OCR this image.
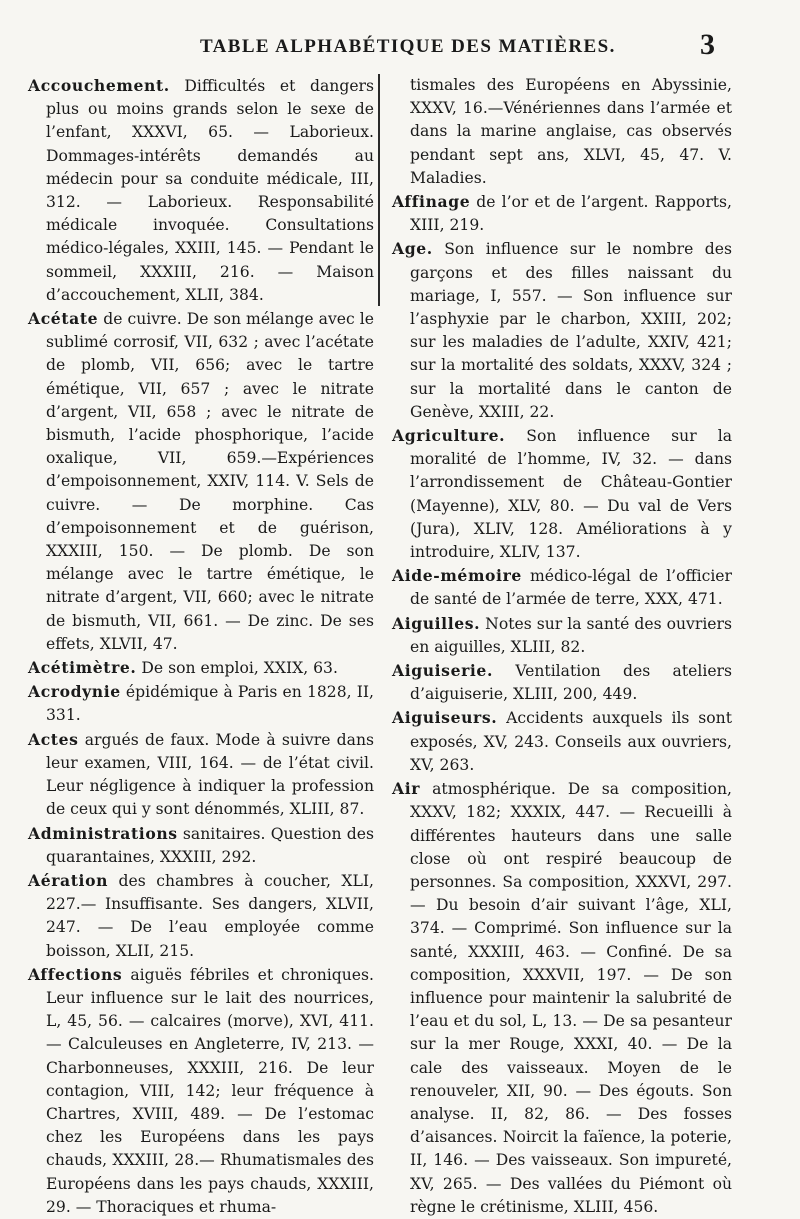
TABLE ALPHABÉTIQUE DES MATIÈRES.	3

Accouchement. Difficultés et dangers plus ou moins grands selon le sexe de l’enfant, XXXVI, 65. — Laborieux. Dommages-intérêts demandés au médecin pour sa conduite médicale, III, 312. — Laborieux. Responsabilité médicale invoquée. Consultations médico-légales, XXIII, 145. — Pendant le sommeil, XXXIII, 216. — Maison d’accouchement, XLII, 384.

Acétate de cuivre. De son mélange avec le sublimé corrosif, VII, 632 ; avec l’acétate de plomb, VII, 656; avec le tartre émétique, VII, 657 ; avec le nitrate d’argent, VII, 658 ; avec le nitrate de bismuth, l’acide phosphorique, l’acide oxalique, VII, 659.—Expériences d’empoisonnement, XXIV, 114. V. Sels de cuivre. — De morphine. Cas d’empoisonnement et de guérison, XXXIII, 150. — De plomb. De son mélange avec le tartre émétique, le nitrate d’argent, VII, 660; avec le nitrate de bismuth, VII, 661. — De zinc. De ses effets, XLVII, 47.

Acétimètre. De son emploi, XXIX, 63.

Acrodynie épidémique à Paris en 1828, II, 331.

Actes argués de faux. Mode à suivre dans leur examen, VIII, 164. — de l’état civil. Leur négligence à indiquer la profession de ceux qui y sont dénommés, XLIII, 87.

Administrations sanitaires. Question des quarantaines, XXXIII, 292.

Aération des chambres à coucher, XLI, 227.— Insuffisante. Ses dangers, XLVII, 247. — De l’eau employée comme boisson, XLII, 215.

Affections aiguës fébriles et chroniques. Leur influence sur le lait des nourrices, L, 45, 56. — calcaires (morve), XVI, 411. — Calculeuses en Angleterre, IV, 213. — Charbonneuses, XXXIII, 216. De leur contagion, VIII, 142; leur fréquence à Chartres, XVIII, 489. — De l’estomac chez les Européens dans les pays chauds, XXXIII, 28.— Rhumatismales des Européens dans les pays chauds, XXXIII, 29. — Thoraciques et rhuma-

tismales des Européens en Abyssinie, XXXV, 16.—Vénériennes dans l’armée et dans la marine anglaise, cas observés pendant sept ans, XLVI, 45, 47. V. Maladies.

Affinage de l’or et de l’argent. Rapports, XIII, 219.

Age. Son influence sur le nombre des garçons et des filles naissant du mariage, I, 557. — Son influence sur l’asphyxie par le charbon, XXIII, 202; sur les maladies de l’adulte, XXIV, 421; sur la mortalité des soldats, XXXV, 324 ; sur la mortalité dans le canton de Genève, XXIII, 22.

Agriculture. Son influence sur la moralité de l’homme, IV, 32. — dans l’arrondissement de Château-Gontier (Mayenne), XLV, 80. — Du val de Vers (Jura), XLIV, 128. Améliorations à y introduire, XLIV, 137.

Aide-mémoire médico-légal de l’officier de santé de l’armée de terre, XXX, 471.

Aiguilles. Notes sur la santé des ouvriers en aiguilles, XLIII, 82.

Aiguiserie. Ventilation des ateliers d’aiguiserie, XLIII, 200, 449.

Aiguiseurs. Accidents auxquels ils sont exposés, XV, 243. Conseils aux ouvriers, XV, 263.

Air atmosphérique. De sa composition, XXXV, 182; XXXIX, 447. — Recueilli à différentes hauteurs dans une salle close où ont respiré beaucoup de personnes. Sa composition, XXXVI, 297. — Du besoin d’air suivant l’âge, XLI, 374. — Comprimé. Son influence sur la santé, XXXIII, 463. — Confiné. De sa composition, XXXVII, 197. — De son influence pour maintenir la salubrité de l’eau et du sol, L, 13. — De sa pesanteur sur la mer Rouge, XXXI, 40. — De la cale des vaisseaux. Moyen de le renouveler, XII, 90. — Des égouts. Son analyse. II, 82, 86. — Des fosses d’aisances. Noircit la faïence, la poterie, II, 146. — Des vaisseaux. Son impureté, XV, 265. — Des vallées du Piémont où règne le crétinisme, XLIII, 456.
